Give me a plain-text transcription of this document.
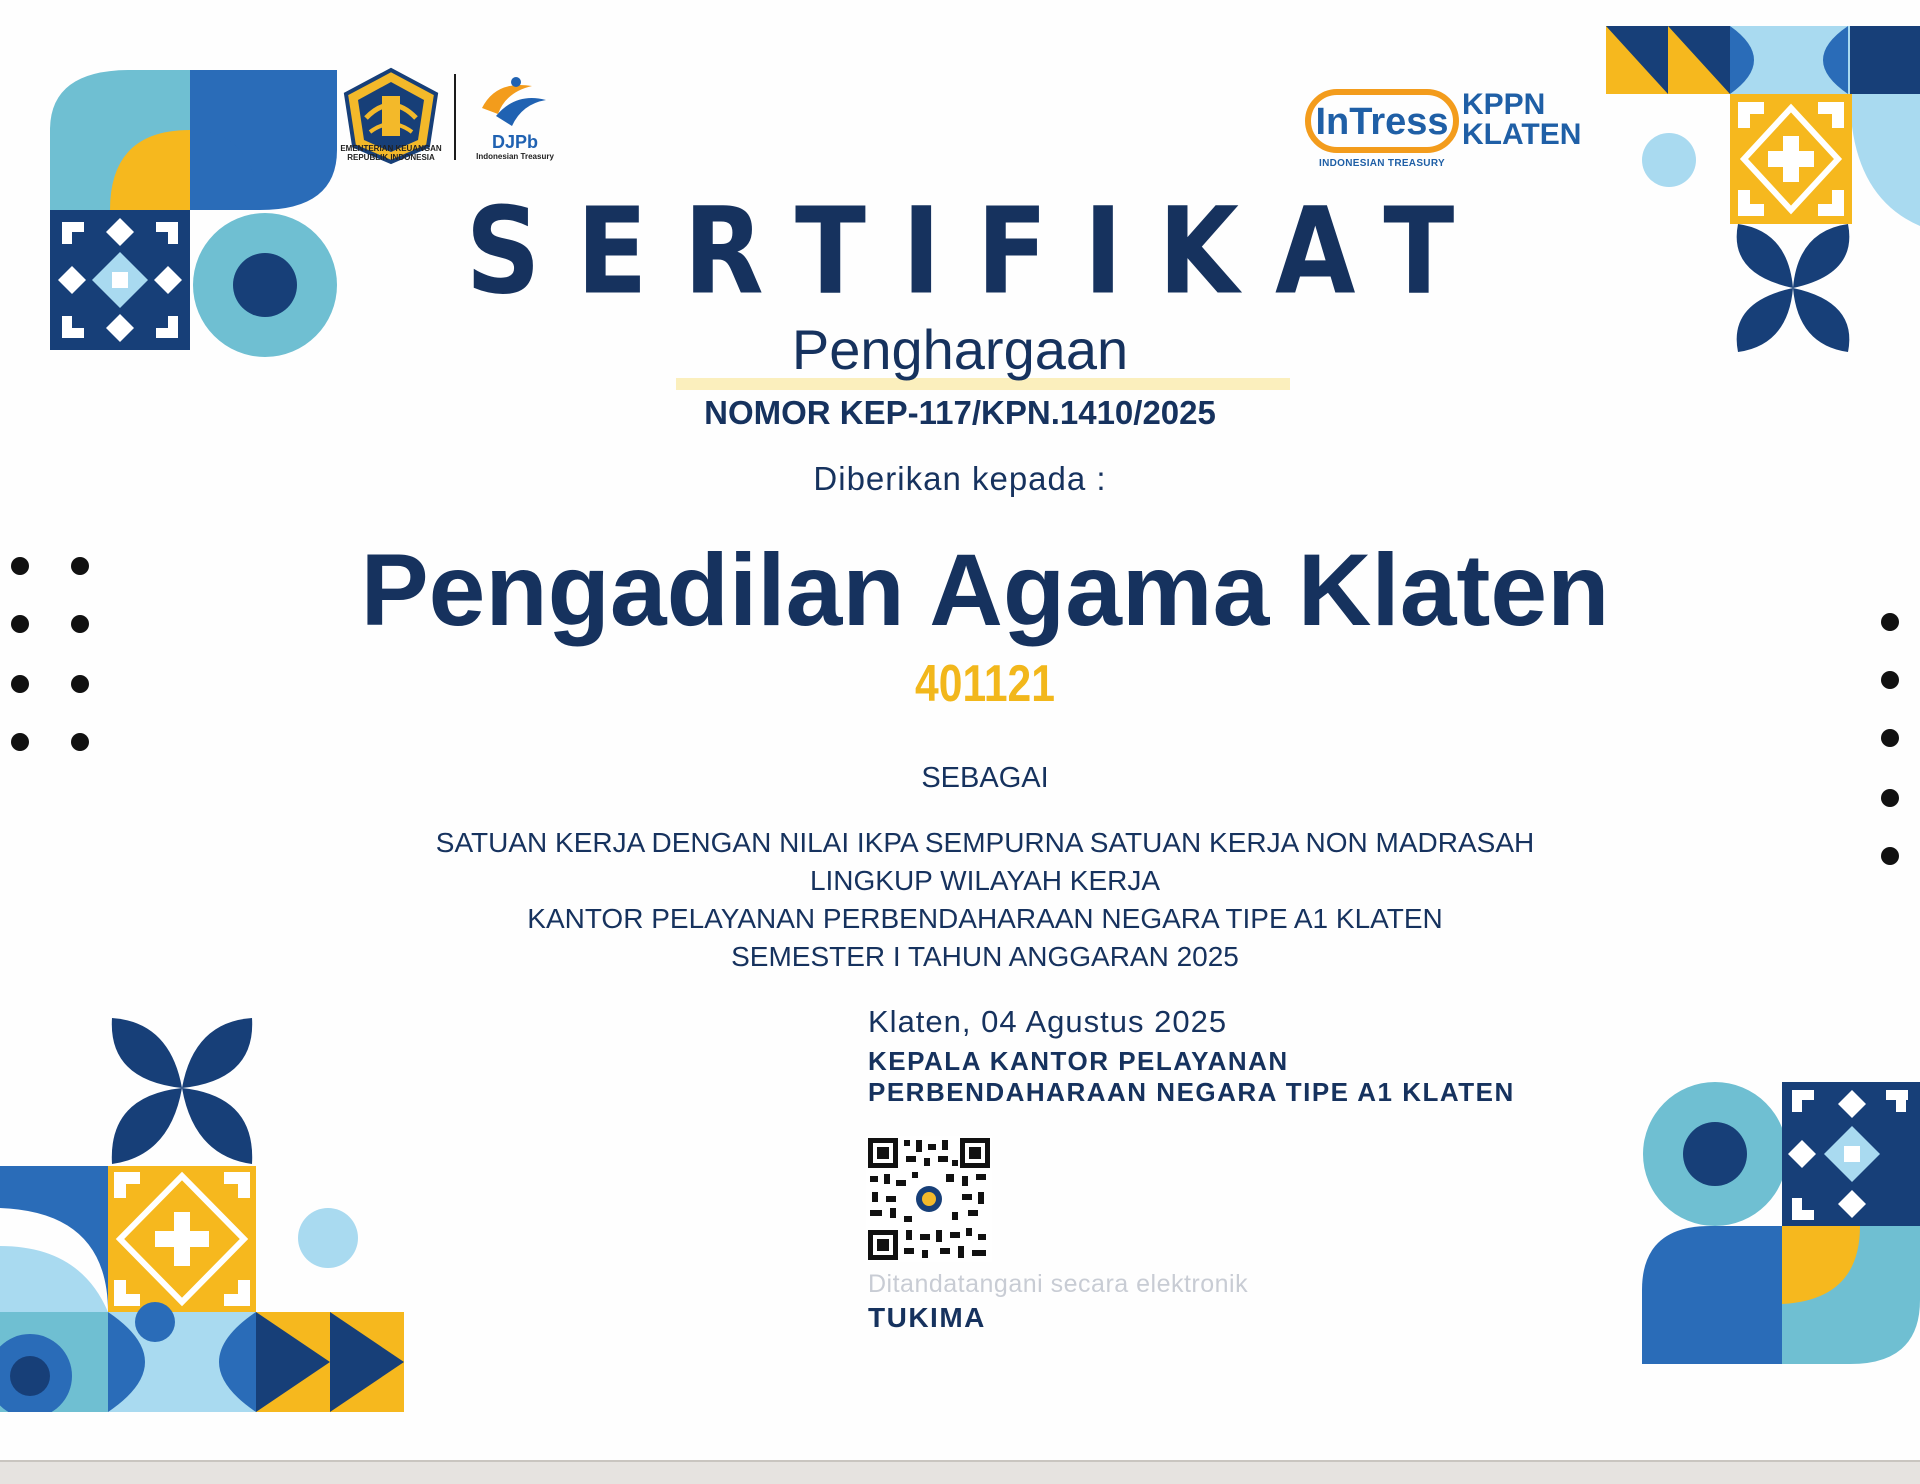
EMENTERIAN KEUANGAN
REPUBLIK INDONESIA
DJPb
Indonesian Treasury
InTress
INDONESIAN TREASURY
KPPN
KLATEN
SERTIFIKAT
Penghargaan
NOMOR KEP-117/KPN.1410/2025
Diberikan kepada :
Pengadilan Agama Klaten
401121
SEBAGAI
SATUAN KERJA DENGAN NILAI IKPA SEMPURNA SATUAN KERJA NON MADRASAH
LINGKUP WILAYAH KERJA
KANTOR PELAYANAN PERBENDAHARAAN NEGARA TIPE A1 KLATEN
SEMESTER I TAHUN ANGGARAN 2025
Klaten, 04 Agustus 2025
KEPALA KANTOR PELAYANAN
PERBENDAHARAAN NEGARA TIPE A1 KLATEN
Ditandatangani secara elektronik
TUKIMA
